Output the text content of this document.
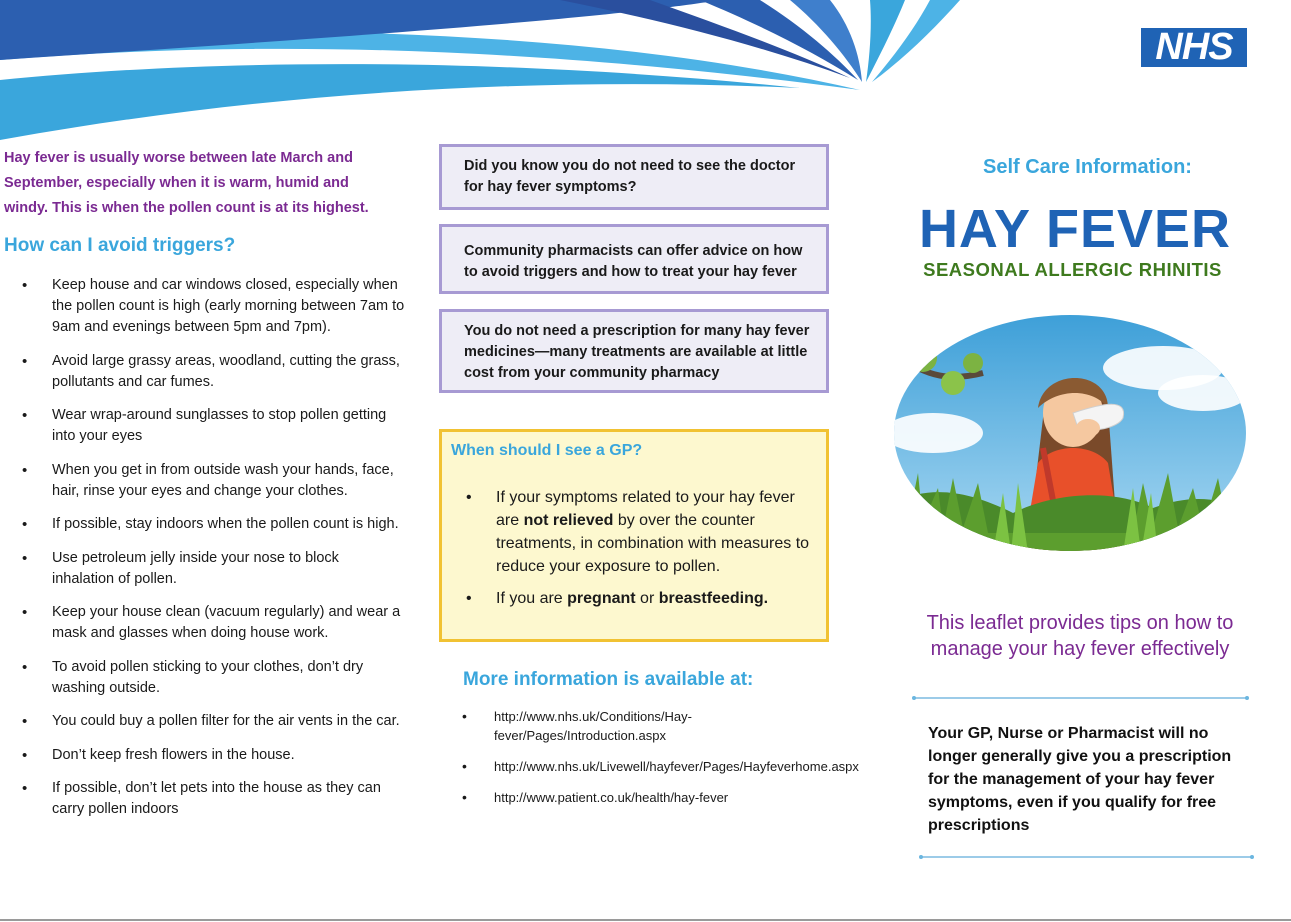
NHS

Hay fever is usually worse between late March and September, especially when it is warm, humid and windy. This is when the pollen count is at its highest.

How can I avoid triggers?
• Keep house and car windows closed, especially when the pollen count is high (early morning between 7am to 9am and evenings between 5pm and 7pm).
• Avoid large grassy areas, woodland, cutting the grass, pollutants and car fumes.
• Wear wrap-around sunglasses to stop pollen getting into your eyes
• When you get in from outside wash your hands, face, hair, rinse your eyes and change your clothes.
• If possible, stay indoors when the pollen count is high.
• Use petroleum jelly inside your nose to block inhalation of pollen.
• Keep your house clean (vacuum regularly) and wear a mask and glasses when doing house work.
• To avoid pollen sticking to your clothes, don’t dry washing outside.
• You could buy a pollen filter for the air vents in the car.
• Don’t keep fresh flowers in the house.
• If possible, don’t let pets into the house as they can carry pollen indoors
Did you know you do not need to see the doctor for hay fever symptoms?
Community pharmacists can offer advice on how to avoid triggers and how to treat your hay fever
You do not need a prescription for many hay fever medicines—many treatments are available at little cost from your community pharmacy
When should I see a GP?
• If your symptoms related to your hay fever are not relieved by over the counter treatments, in combination with measures to reduce your exposure to pollen.
• If you are pregnant or breastfeeding.
More information is available at:
• http://www.nhs.uk/Conditions/Hay-fever/Pages/Introduction.aspx
• http://www.nhs.uk/Livewell/hayfever/Pages/Hayfeverhome.aspx
• http://www.patient.co.uk/health/hay-fever
Self Care Information:
HAY FEVER
SEASONAL ALLERGIC RHINITIS

This leaflet provides tips on how to manage your hay fever effectively

Your GP, Nurse or Pharmacist will no longer generally give you a prescription for the management of your hay fever symptoms, even if you qualify for free prescriptions
